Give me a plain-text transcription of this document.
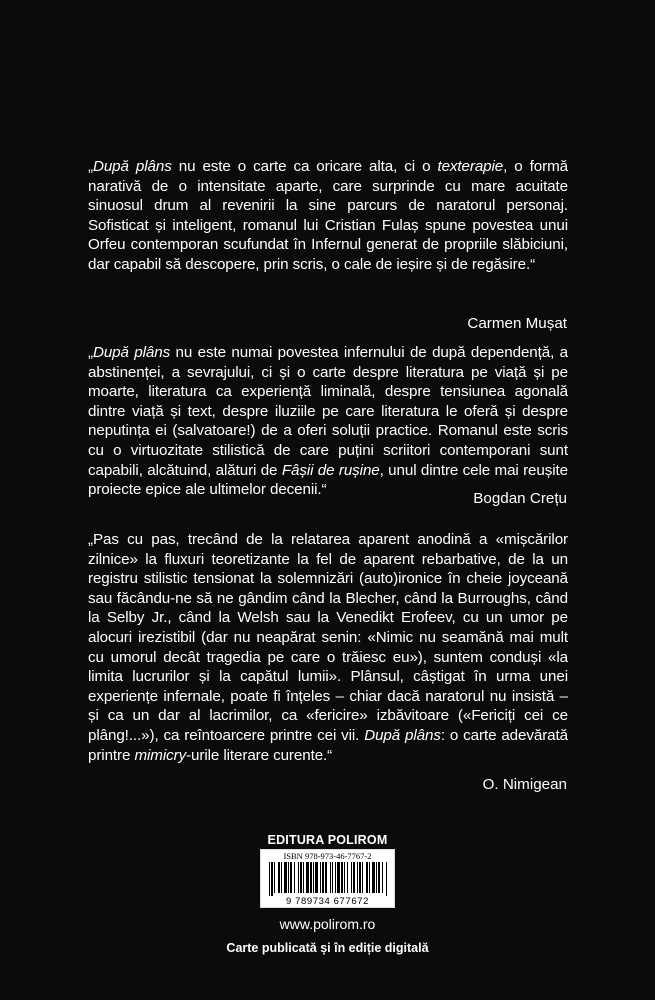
„După plâns nu este o carte ca oricare alta, ci o texterapie, o formă narativă de o intensitate aparte, care surprinde cu mare acuitate sinuosul drum al revenirii la sine parcurs de naratorul personaj. Sofisticat și inteligent, romanul lui Cristian Fulaș spune povestea unui Orfeu contemporan scufundat în Infernul generat de propriile slăbiciuni, dar capabil să descopere, prin scris, o cale de ieșire și de regăsire.“

Carmen Mușat

„După plâns nu este numai povestea infernului de după dependență, a abstinenței, a sevrajului, ci și o carte despre literatura pe viață și pe moarte, literatura ca experiență liminală, despre tensiunea agonală dintre viață și text, despre iluziile pe care literatura le oferă și despre neputința ei (salvatoare!) de a oferi soluții practice. Romanul este scris cu o virtuozitate stilistică de care puțini scriitori contemporani sunt capabili, alcătuind, alături de Fâșii de rușine, unul dintre cele mai reușite proiecte epice ale ultimelor decenii.“

Bogdan Crețu

„Pas cu pas, trecând de la relatarea aparent anodină a «mișcărilor zilnice» la fluxuri teoretizante la fel de aparent rebarbative, de la un registru stilistic tensionat la solemnizări (auto)ironice în cheie joyceană sau făcându-ne să ne gândim când la Blecher, când la Burroughs, când la Selby Jr., când la Welsh sau la Venedikt Erofeev, cu un umor pe alocuri irezistibil (dar nu neapărat senin: «Nimic nu seamănă mai mult cu umorul decât tragedia pe care o trăiesc eu»), suntem conduși «la limita lucrurilor și la capătul lumii». Plânsul, câștigat în urma unei experiențe infernale, poate fi înțeles – chiar dacă naratorul nu insistă – și ca un dar al lacrimilor, ca «fericire» izbăvitoare («Fericiți cei ce plâng!...»), ca reîntoarcere printre cei vii. După plâns: o carte adevărată printre mimicry-urile literare curente.“

O. Nimigean
EDITURA POLIROM
ISBN 978-973-46-7767-2
9 789734 677672
www.polirom.ro
Carte publicată și în ediție digitală
